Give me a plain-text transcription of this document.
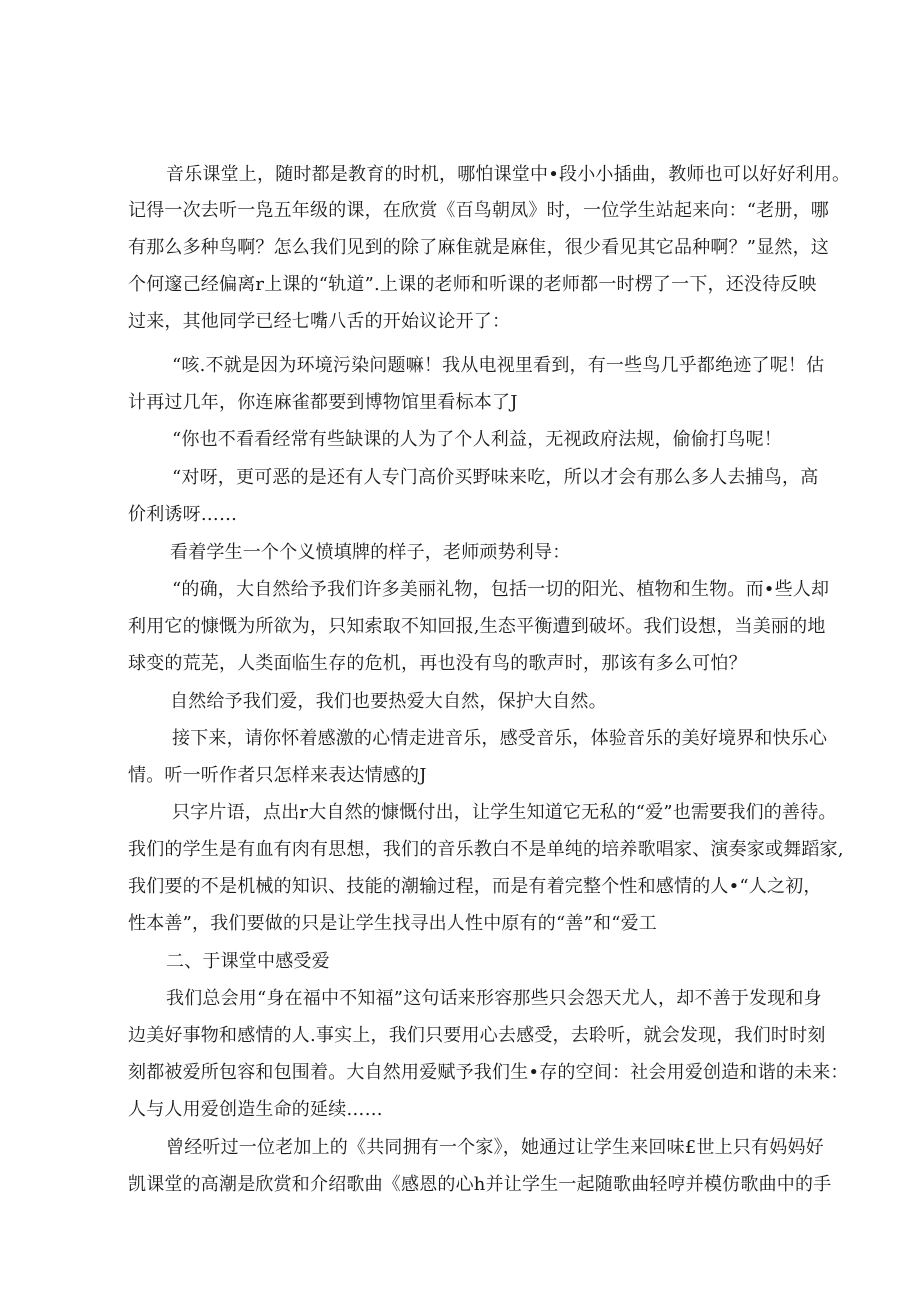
音乐课堂上，随时都是教育的时机，哪怕课堂中•段小小插曲，教师也可以好好利用。
记得一次去听一凫五年级的课，在欣赏《百鸟朝凤》时，一位学生站起来向：“老册，哪
有那么多种鸟啊？怎么我们见到的除了麻隹就是麻隹，很少看见其它品种啊？”显然，这
个何邃己经偏离r上课的“轨道”.上课的老师和听课的老师都一时楞了一下，还没待反映
过来，其他同学已经七嘴八舌的开始议论开了：
“咳.不就是因为环境污染问题嘛！我从电视里看到，有一些鸟几乎都绝迹了呢！估
计再过几年，你连麻雀都要到博物馆里看标本了J
“你也不看看经常有些缺课的人为了个人利益，无视政府法规，偷偷打鸟呢！
“对呀，更可恶的是还有人专门高价买野味来吃，所以才会有那么多人去捕鸟，高
价利诱呀……
看着学生一个个义愤填牌的样子，老师顽势利导：
“的确，大自然给予我们许多美丽礼物，包括一切的阳光、植物和生物。而•些人却
利用它的慷慨为所欲为，只知索取不知回报,生态平衡遭到破坏。我们设想，当美丽的地
球变的荒芜，人类面临生存的危机，再也没有鸟的歌声时，那该有多么可怕？
自然给予我们爱，我们也要热爱大自然，保护大自然。
接下来，请你怀着感激的心情走进音乐，感受音乐，体验音乐的美好境界和快乐心
情。听一听作者只怎样来表达情感的J
只字片语，点出r大自然的慷慨付出，让学生知道它无私的“爱”也需要我们的善待。
我们的学生是有血有肉有思想，我们的音乐教白不是单纯的培养歌唱家、演奏家或舞蹈家,
我们要的不是机械的知识、技能的潮输过程，而是有着完整个性和感情的人•“人之初，
性本善”，我们要做的只是让学生找寻出人性中原有的“善”和“爱工
二、于课堂中感受爱
我们总会用“身在福中不知福”这句话来形容那些只会怨天尤人，却不善于发现和身
边美好事物和感情的人.事实上，我们只要用心去感受，去聆听，就会发现，我们时时刻
刻都被爱所包容和包围着。大自然用爱赋予我们生•存的空间：社会用爱创造和谐的未来：
人与人用爱创造生命的延续……
曾经听过一位老加上的《共同拥有一个家》，她通过让学生来回味£世上只有妈妈好
凯课堂的高潮是欣赏和介绍歌曲《感恩的心h并让学生一起随歌曲轻哼并模仿歌曲中的手
